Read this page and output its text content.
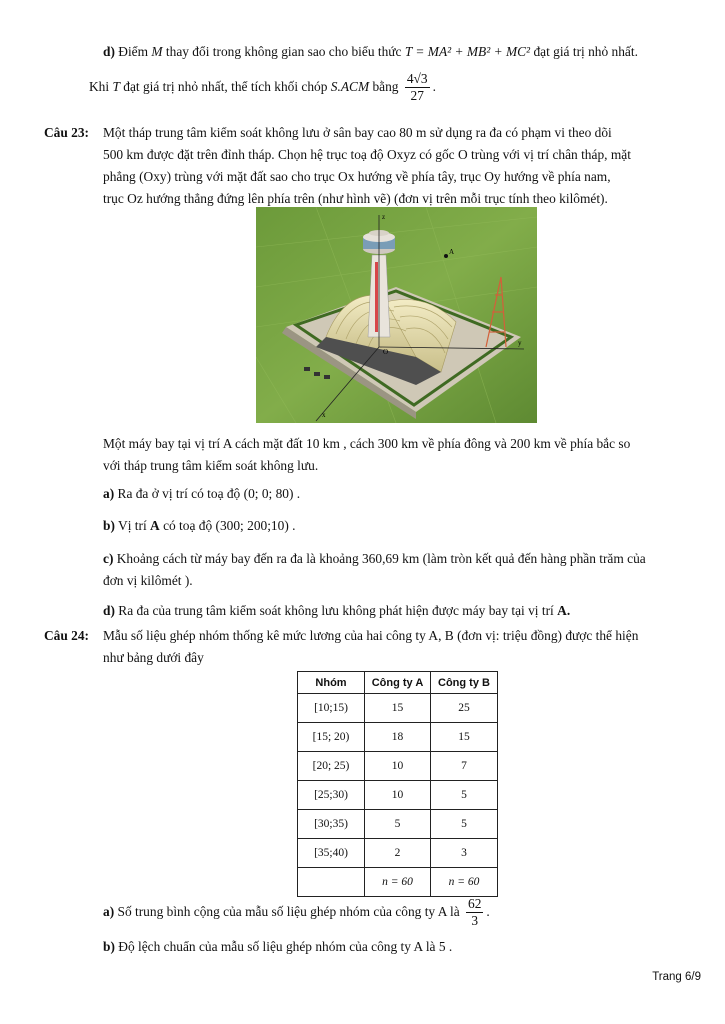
d) Điểm M thay đổi trong không gian sao cho biểu thức T = MA² + MB² + MC² đạt giá trị nhỏ nhất.
Khi T đạt giá trị nhỏ nhất, thể tích khối chóp S.ACM bằng $\frac{4√3}{27}$ .
Câu 23: Một tháp trung tâm kiểm soát không lưu ở sân bay cao 80 m sử dụng ra đa có phạm vi theo dõi
500 km được đặt trên đỉnh tháp. Chọn hệ trục toạ độ Oxyz có gốc O trùng với vị trí chân tháp, mặt
phẳng (Oxy) trùng với mặt đất sao cho trục Ox hướng về phía tây, trục Oy hướng về phía nam,
trục Oz hướng thẳng đứng lên phía trên (như hình vẽ) (đơn vị trên mỗi trục tính theo kilômét).
z
A
O
y
x
Một máy bay tại vị trí A cách mặt đất 10 km , cách 300 km về phía đông và 200 km về phía bắc so
với tháp trung tâm kiểm soát không lưu.
a) Ra đa ở vị trí có toạ độ (0; 0; 80) .
b) Vị trí A có toạ độ (300; 200;10) .
c) Khoảng cách từ máy bay đến ra đa là khoảng 360,69 km (làm tròn kết quả đến hàng phần trăm của
đơn vị kilômét ).
d) Ra đa của trung tâm kiểm soát không lưu không phát hiện được máy bay tại vị trí A.
Câu 24: Mẫu số liệu ghép nhóm thống kê mức lương của hai công ty A, B (đơn vị: triệu đồng) được thể hiện
như bảng dưới đây
Nhóm	Công ty A	Công ty B
[10;15)	15	25
[15; 20)	18	15
[20; 25)	10	7
[25;30)	10	5
[30;35)	5	5
[35;40)	2	3
	n = 60	n = 60
a) Số trung bình cộng của mẫu số liệu ghép nhóm của công ty A là $\frac{62}{3}$ .
b) Độ lệch chuẩn của mẫu số liệu ghép nhóm của công ty A là 5 .
Trang 6/9
